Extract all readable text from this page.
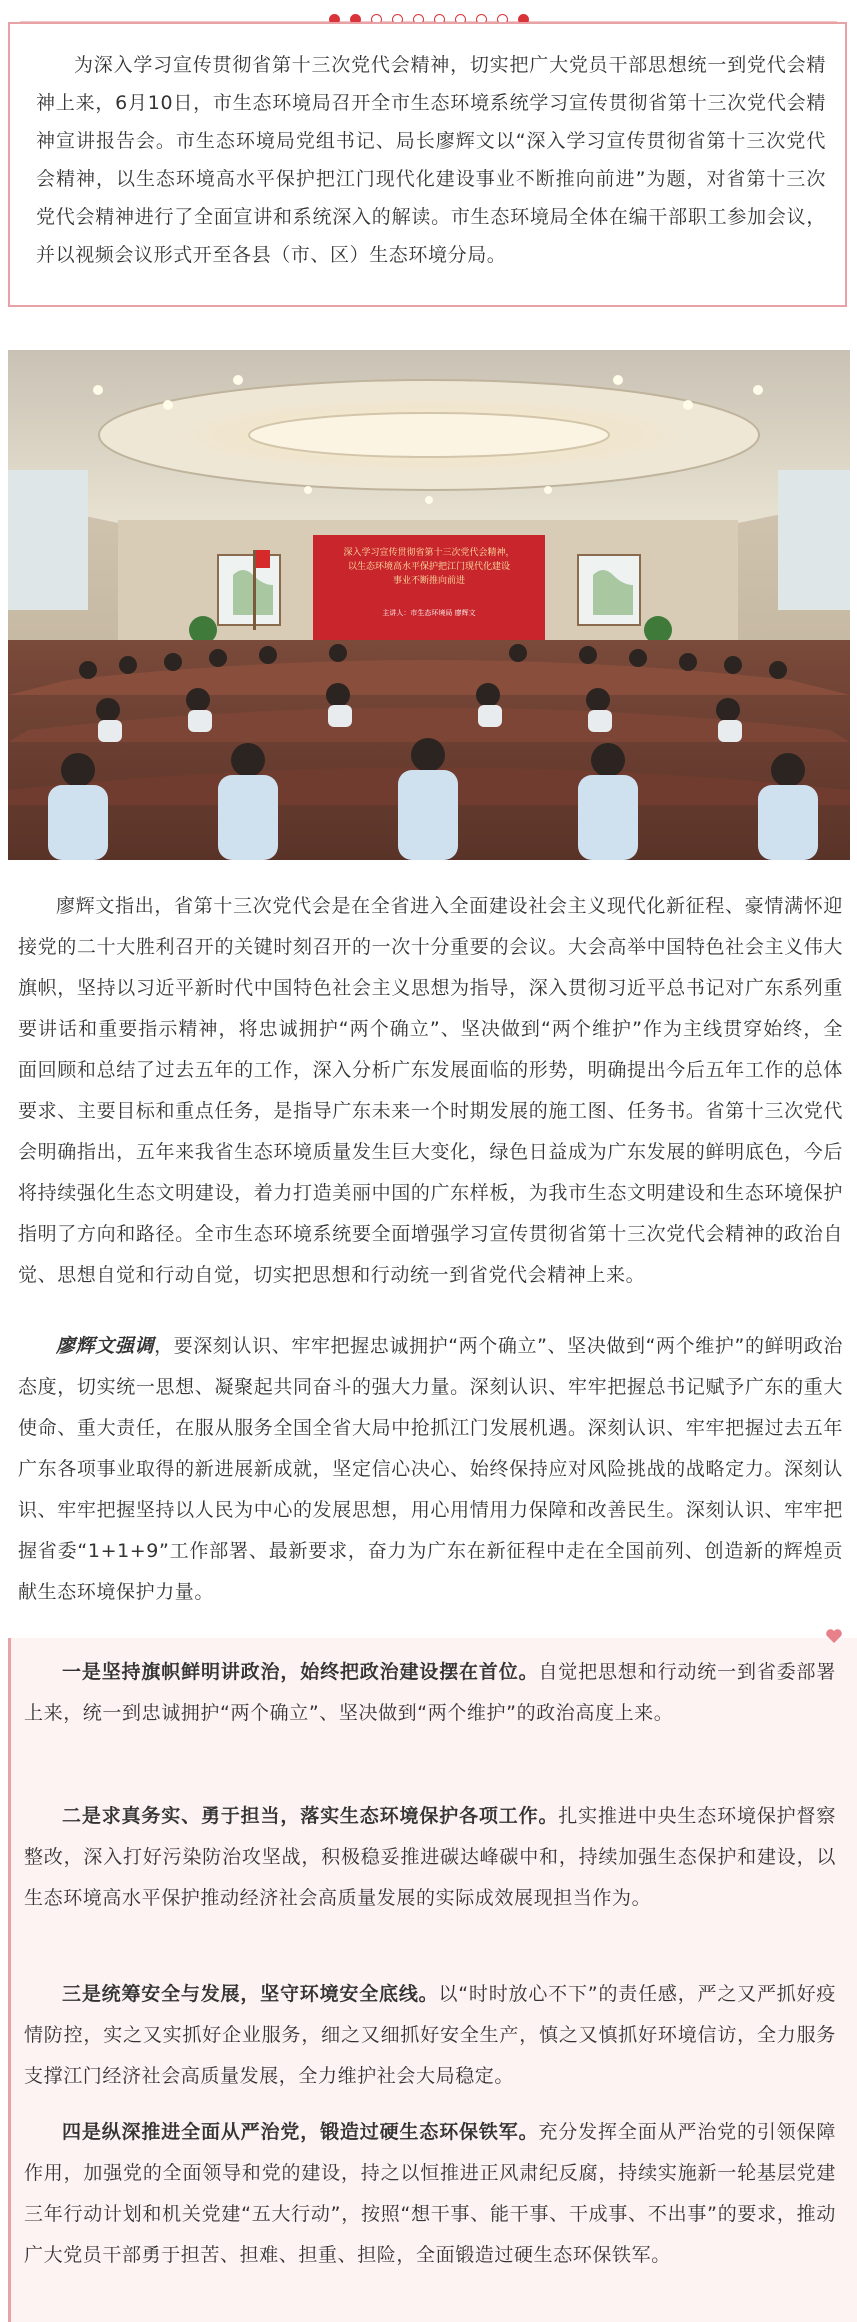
为深入学习宣传贯彻省第十三次党代会精神，切实把广大党员干部思想统一到党代会精神上来，6月10日，市生态环境局召开全市生态环境系统学习宣传贯彻省第十三次党代会精神宣讲报告会。市生态环境局党组书记、局长廖辉文以“深入学习宣传贯彻省第十三次党代会精神，以生态环境高水平保护把江门现代化建设事业不断推向前进”为题，对省第十三次党代会精神进行了全面宣讲和系统深入的解读。市生态环境局全体在编干部职工参加会议，并以视频会议形式开至各县（市、区）生态环境分局。

深入学习宣传贯彻省第十三次党代会精神，
以生态环境高水平保护把江门现代化建设
事业不断推向前进
主讲人：市生态环境局 廖辉文

廖辉文指出，省第十三次党代会是在全省进入全面建设社会主义现代化新征程、豪情满怀迎接党的二十大胜利召开的关键时刻召开的一次十分重要的会议。大会高举中国特色社会主义伟大旗帜，坚持以习近平新时代中国特色社会主义思想为指导，深入贯彻习近平总书记对广东系列重要讲话和重要指示精神，将忠诚拥护“两个确立”、坚决做到“两个维护”作为主线贯穿始终，全面回顾和总结了过去五年的工作，深入分析广东发展面临的形势，明确提出今后五年工作的总体要求、主要目标和重点任务，是指导广东未来一个时期发展的施工图、任务书。省第十三次党代会明确指出，五年来我省生态环境质量发生巨大变化，绿色日益成为广东发展的鲜明底色，今后将持续强化生态文明建设，着力打造美丽中国的广东样板，为我市生态文明建设和生态环境保护指明了方向和路径。全市生态环境系统要全面增强学习宣传贯彻省第十三次党代会精神的政治自觉、思想自觉和行动自觉，切实把思想和行动统一到省党代会精神上来。

廖辉文强调，要深刻认识、牢牢把握忠诚拥护“两个确立”、坚决做到“两个维护”的鲜明政治态度，切实统一思想、凝聚起共同奋斗的强大力量。深刻认识、牢牢把握总书记赋予广东的重大使命、重大责任，在服从服务全国全省大局中抢抓江门发展机遇。深刻认识、牢牢把握过去五年广东各项事业取得的新进展新成就，坚定信心决心、始终保持应对风险挑战的战略定力。深刻认识、牢牢把握坚持以人民为中心的发展思想，用心用情用力保障和改善民生。深刻认识、牢牢把握省委“1+1+9”工作部署、最新要求，奋力为广东在新征程中走在全国前列、创造新的辉煌贡献生态环境保护力量。

一是坚持旗帜鲜明讲政治，始终把政治建设摆在首位。自觉把思想和行动统一到省委部署上来，统一到忠诚拥护“两个确立”、坚决做到“两个维护”的政治高度上来。

二是求真务实、勇于担当，落实生态环境保护各项工作。扎实推进中央生态环境保护督察整改，深入打好污染防治攻坚战，积极稳妥推进碳达峰碳中和，持续加强生态保护和建设，以生态环境高水平保护推动经济社会高质量发展的实际成效展现担当作为。

三是统筹安全与发展，坚守环境安全底线。以“时时放心不下”的责任感，严之又严抓好疫情防控，实之又实抓好企业服务，细之又细抓好安全生产，慎之又慎抓好环境信访，全力服务支撑江门经济社会高质量发展，全力维护社会大局稳定。

四是纵深推进全面从严治党，锻造过硬生态环保铁军。充分发挥全面从严治党的引领保障作用，加强党的全面领导和党的建设，持之以恒推进正风肃纪反腐，持续实施新一轮基层党建三年行动计划和机关党建“五大行动”，按照“想干事、能干事、干成事、不出事”的要求，推动广大党员干部勇于担苦、担难、担重、担险，全面锻造过硬生态环保铁军。
